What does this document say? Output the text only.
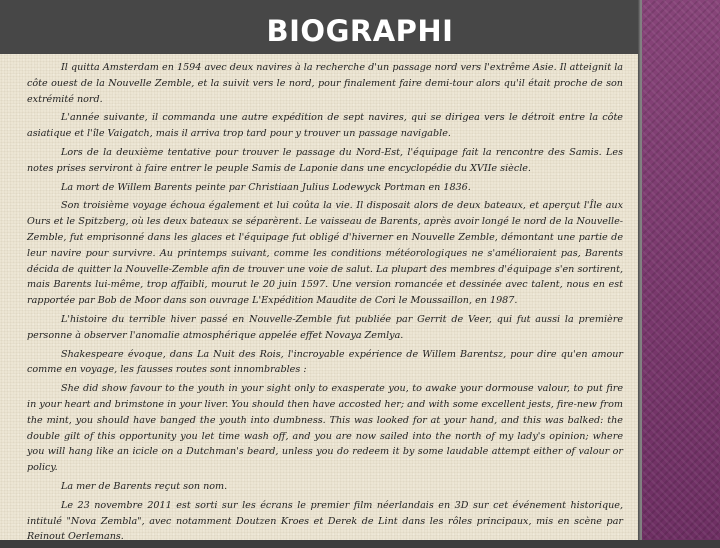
BIOGRAPHI

Il quitta Amsterdam en 1594 avec deux navires à la recherche d'un passage nord vers l'extrême Asie. Il atteignit la côte ouest de la Nouvelle Zemble, et la suivit vers le nord, pour finalement faire demi-tour alors qu'il était proche de son extrémité nord.

L'année suivante, il commanda une autre expédition de sept navires, qui se dirigea vers le détroit entre la côte asiatique et l'île Vaigatch, mais il arriva trop tard pour y trouver un passage navigable.

Lors de la deuxième tentative pour trouver le passage du Nord-Est, l'équipage fait la rencontre des Samis. Les notes prises serviront à faire entrer le peuple Samis de Laponie dans une encyclopédie du XVIIe siècle.

La mort de Willem Barents peinte par Christiaan Julius Lodewyck Portman en 1836.

Son troisième voyage échoua également et lui coûta la vie. Il disposait alors de deux bateaux, et aperçut l'Île aux Ours et le Spitzberg, où les deux bateaux se séparèrent. Le vaisseau de Barents, après avoir longé le nord de la Nouvelle-Zemble, fut emprisonné dans les glaces et l'équipage fut obligé d'hiverner en Nouvelle Zemble, démontant une partie de leur navire pour survivre. Au printemps suivant, comme les conditions météorologiques ne s'amélioraient pas, Barents décida de quitter la Nouvelle-Zemble afin de trouver une voie de salut. La plupart des membres d'équipage s'en sortirent, mais Barents lui-même, trop affaibli, mourut le 20 juin 1597. Une version romancée et dessinée avec talent, nous en est rapportée par Bob de Moor dans son ouvrage L'Expédition Maudite de Cori le Moussaillon, en 1987.

L'histoire du terrible hiver passé en Nouvelle-Zemble fut publiée par Gerrit de Veer, qui fut aussi la première personne à observer l'anomalie atmosphérique appelée effet Novaya Zemlya.

Shakespeare évoque, dans La Nuit des Rois, l'incroyable expérience de Willem Barentsz, pour dire qu'en amour comme en voyage, les fausses routes sont innombrables :

She did show favour to the youth in your sight only to exasperate you, to awake your dormouse valour, to put fire in your heart and brimstone in your liver. You should then have accosted her; and with some excellent jests, fire-new from the mint, you should have banged the youth into dumbness. This was looked for at your hand, and this was balked: the double gilt of this opportunity you let time wash off, and you are now sailed into the north of my lady's opinion; where you will hang like an icicle on a Dutchman's beard, unless you do redeem it by some laudable attempt either of valour or policy.

La mer de Barents reçut son nom.

Le 23 novembre 2011 est sorti sur les écrans le premier film néerlandais en 3D sur cet événement historique, intitulé "Nova Zembla", avec notamment Doutzen Kroes et Derek de Lint dans les rôles principaux, mis en scène par Reinout Oerlemans.
